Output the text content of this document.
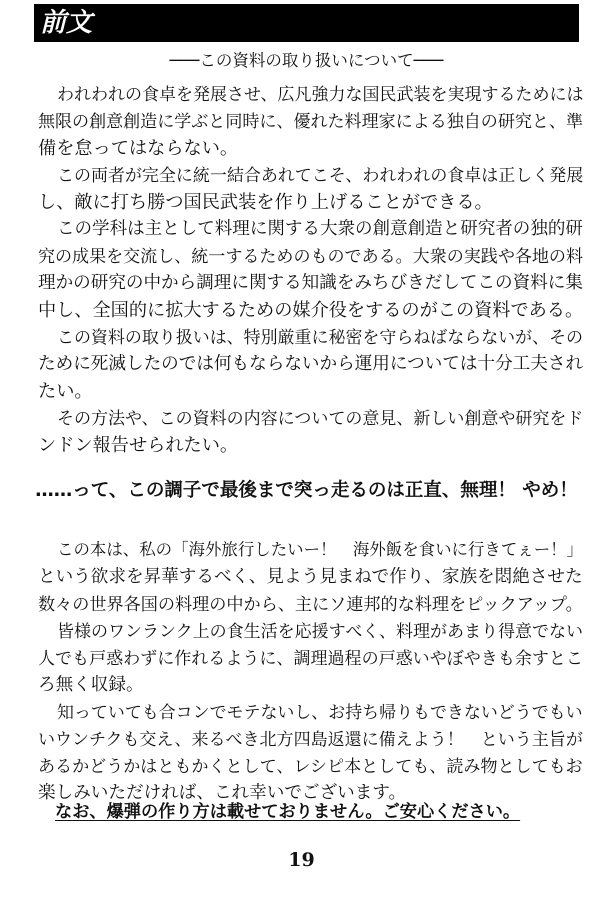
前文
───この資料の取り扱いについて───
われわれの食卓を発展させ、広凡強力な国民武装を実現するためには
無限の創意創造に学ぶと同時に、優れた料理家による独自の研究と、準
備を怠ってはならない。
この両者が完全に統一結合あれてこそ、われわれの食卓は正しく発展
し、敵に打ち勝つ国民武装を作り上げることができる。
この学科は主として料理に関する大衆の創意創造と研究者の独的研
究の成果を交流し、統一するためのものである。大衆の実践や各地の料
理かの研究の中から調理に関する知識をみちびきだしてこの資料に集
中し、全国的に拡大するための媒介役をするのがこの資料である。
この資料の取り扱いは、特別厳重に秘密を守らねばならないが、その
ために死滅したのでは何もならないから運用については十分工夫され
たい。
その方法や、この資料の内容についての意見、新しい創意や研究をド
ンドン報告せられたい。
……って、この調子で最後まで突っ走るのは正直、無理！ やめ！
この本は、私の「海外旅行したいー！　海外飯を食いに行きてぇー！」
という欲求を昇華するべく、見よう見まねで作り、家族を悶絶させた
数々の世界各国の料理の中から、主にソ連邦的な料理をピックアップ。
皆様のワンランク上の食生活を応援すべく、料理があまり得意でない
人でも戸惑わずに作れるように、調理過程の戸惑いやぼやきも余すとこ
ろ無く収録。
知っていても合コンでモテないし、お持ち帰りもできないどうでもい
いウンチクも交え、来るべき北方四島返還に備えよう！　という主旨が
あるかどうかはともかくとして、レシピ本としても、読み物としてもお
楽しみいただければ、これ幸いでございます。
なお、爆弾の作り方は載せておりません。ご安心ください。
19
